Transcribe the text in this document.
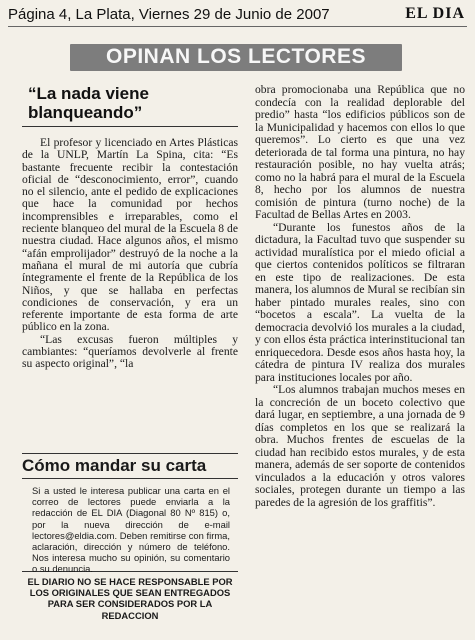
Página 4, La Plata, Viernes 29 de Junio de 2007	EL DIA
OPINAN LOS LECTORES
“La nada viene blanqueando”

El profesor y licenciado en Artes Plásticas de la UNLP, Martín La Spina, cita: “Es bastante frecuente recibir la contestación oficial de “desconocimiento, error”, cuando no el silencio, ante el pedido de explicaciones que hace la comunidad por hechos incomprensibles e irreparables, como el reciente blanqueo del mural de la Escuela 8 de nuestra ciudad. Hace algunos años, el mismo “afán emprolijador” destruyó de la noche a la mañana el mural de mi autoría que cubría íntegramente el frente de la República de los Niños, y que se hallaba en perfectas condiciones de conservación, y era un referente importante de esta forma de arte público en la zona.

“Las excusas fueron múltiples y cambiantes: “queríamos devolverle al frente su aspecto original”, “la

obra promocionaba una República que no condecía con la realidad deplorable del predio” hasta “los edificios públicos son de la Municipalidad y hacemos con ellos lo que queremos”. Lo cierto es que una vez deteriorada de tal forma una pintura, no hay restauración posible, no hay vuelta atrás; como no la habrá para el mural de la Escuela 8, hecho por los alumnos de nuestra comisión de pintura (turno noche) de la Facultad de Bellas Artes en 2003.

“Durante los funestos años de la dictadura, la Facultad tuvo que suspender su actividad muralística por el miedo oficial a que ciertos contenidos políticos se filtraran en este tipo de realizaciones. De esta manera, los alumnos de Mural se recibían sin haber pintado murales reales, sino con “bocetos a escala”. La vuelta de la democracia devolvió los murales a la ciudad, y con ellos ésta práctica interinstitucional tan enriquecedora. Desde esos años hasta hoy, la cátedra de pintura IV realiza dos murales para instituciones locales por año.

“Los alumnos trabajan muchos meses en la concreción de un boceto colectivo que dará lugar, en septiembre, a una jornada de 9 días completos en los que se realizará la obra. Muchos frentes de escuelas de la ciudad han recibido estos murales, y de esta manera, además de ser soporte de contenidos vinculados a la educación y otros valores sociales, protegen durante un tiempo a las paredes de la agresión de los graffitis”.

Cómo mandar su carta

Si a usted le interesa publicar una carta en el correo de lectores puede enviarla a la redacción de EL DIA (Diagonal 80 Nº 815) o, por la nueva dirección de e-mail lectores@eldia.com. Deben remitirse con firma, aclaración, dirección y número de teléfono. Nos interesa mucho su opinión, su comentario o su denuncia.

EL DIARIO NO SE HACE RESPONSABLE POR LOS ORIGINALES QUE SEAN ENTREGADOS PARA SER CONSIDERADOS POR LA REDACCION
